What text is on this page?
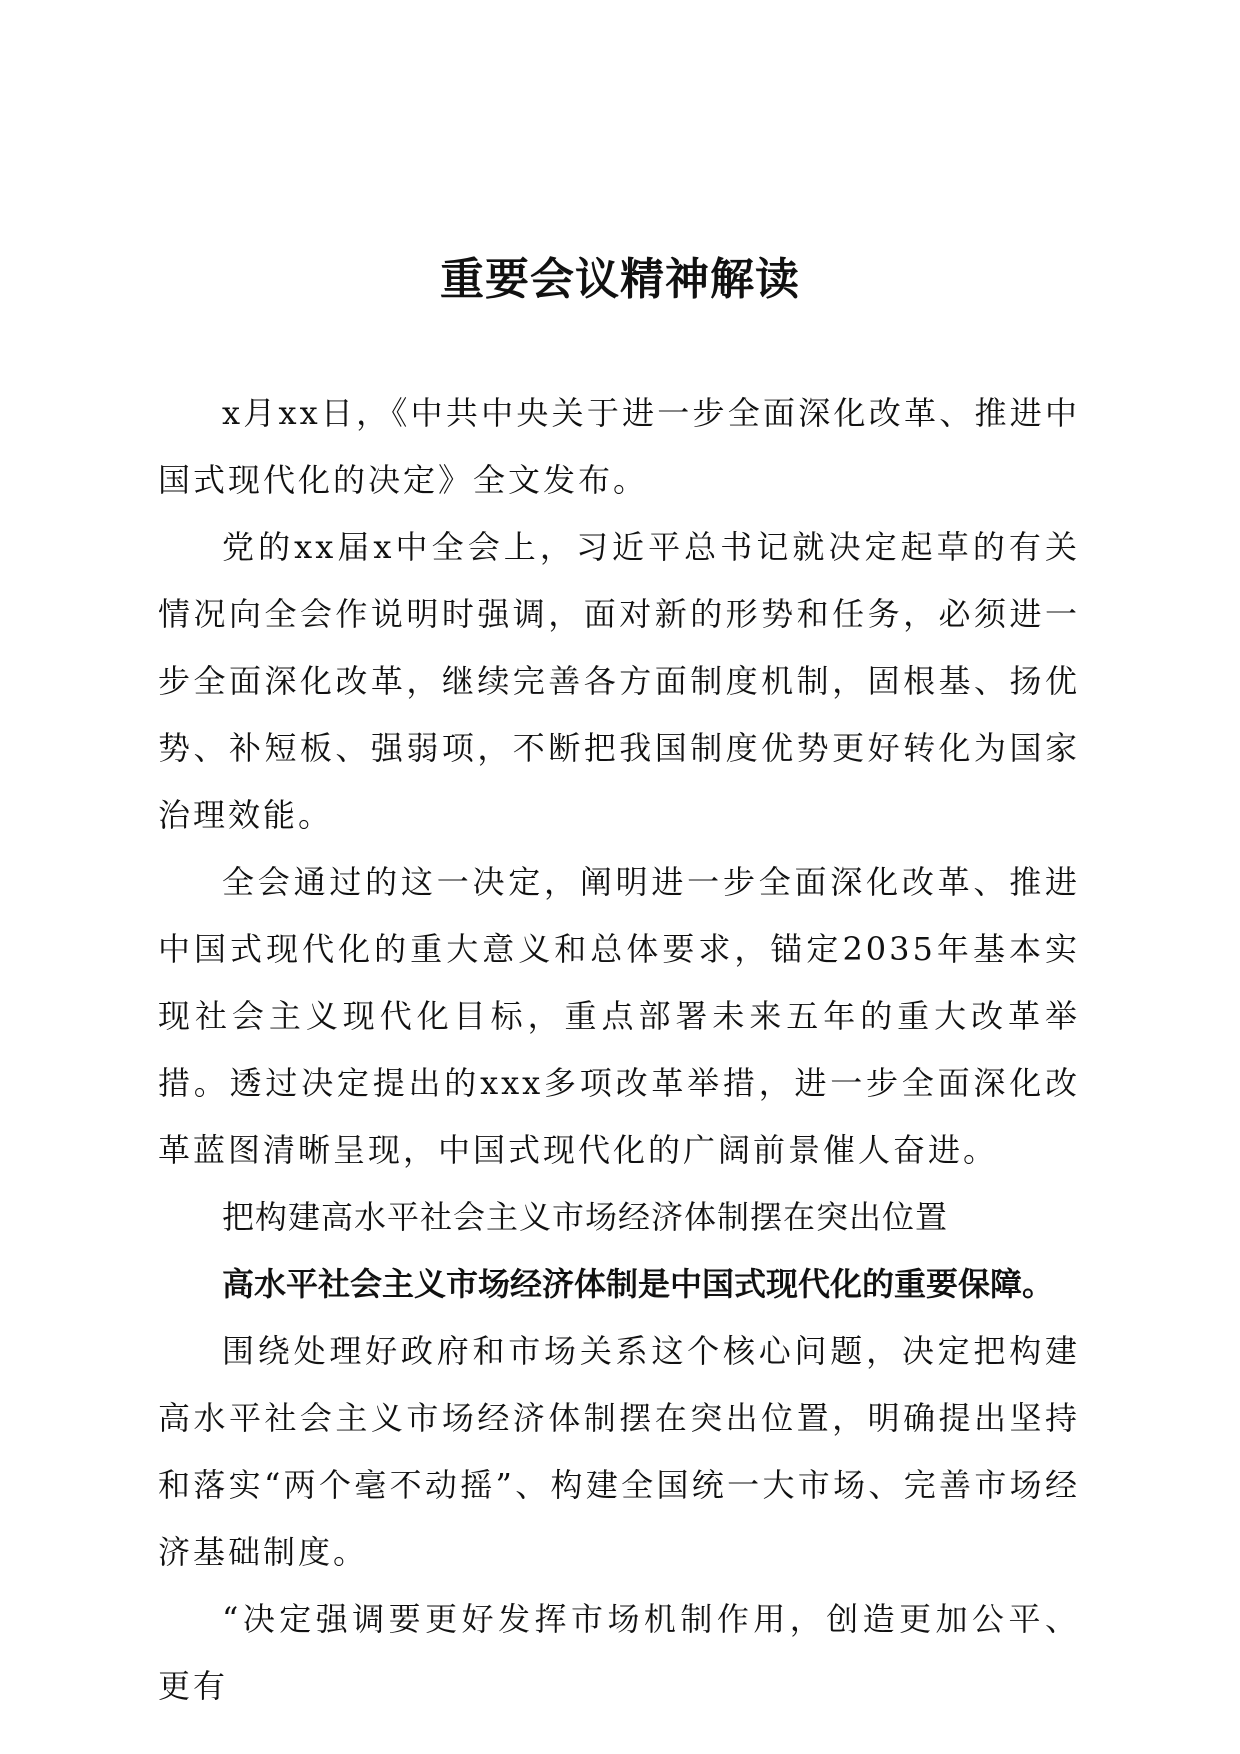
重要会议精神解读

x月xx日，《中共中央关于进一步全面深化改革、推进中国式现代化的决定》全文发布。

党的xx届x中全会上，习近平总书记就决定起草的有关情况向全会作说明时强调，面对新的形势和任务，必须进一步全面深化改革，继续完善各方面制度机制，固根基、扬优势、补短板、强弱项，不断把我国制度优势更好转化为国家治理效能。

全会通过的这一决定，阐明进一步全面深化改革、推进中国式现代化的重大意义和总体要求，锚定2035年基本实现社会主义现代化目标，重点部署未来五年的重大改革举措。透过决定提出的xxx多项改革举措，进一步全面深化改革蓝图清晰呈现，中国式现代化的广阔前景催人奋进。

把构建高水平社会主义市场经济体制摆在突出位置

高水平社会主义市场经济体制是中国式现代化的重要保障。

围绕处理好政府和市场关系这个核心问题，决定把构建高水平社会主义市场经济体制摆在突出位置，明确提出坚持和落实“两个毫不动摇”、构建全国统一大市场、完善市场经济基础制度。

“决定强调要更好发挥市场机制作用，创造更加公平、更有
